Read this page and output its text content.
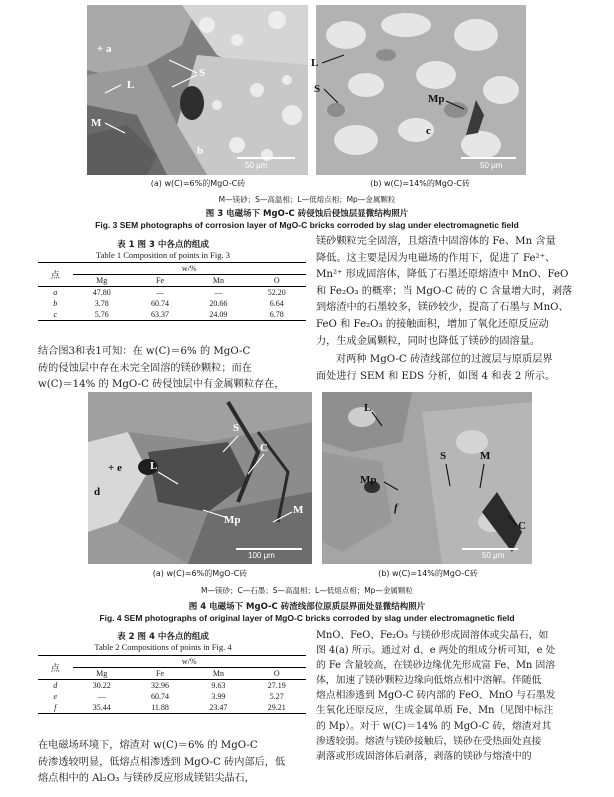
+ a
S
L
M
b
50 μm
L
S
Mp
c
50 μm
(a) w(C)=6%的MgO-C砖	(b) w(C)=14%的MgO-C砖
M—镁砂；S—高温相；L—低熔点相；Mp—金属颗粒
图 3 电磁场下 MgO-C 砖侵蚀后侵蚀层显微结构照片
Fig. 3 SEM photographs of corrosion layer of MgO-C bricks corroded by slag under electromagnetic field
表 1 图 3 中各点的组成
Table 1 Composition of points in Fig. 3
点	w/%			
	Mg	Fe	Mn	O
a	47.80	—	—	52.20
b	3.78	60.74	20.66	6.64
c	5.76	63.37	24.09	6.78
结合图3和表1可知：在 w(C)＝6% 的 MgO-C
砖的侵蚀层中存在未完全固溶的镁砂颗粒；而在
w(C)＝14% 的 MgO-C 砖侵蚀层中有金属颗粒存在，
镁砂颗粒完全固溶，且熔渣中固溶体的 Fe、Mn 含量
降低。这主要是因为电磁场的作用下，促进了 Fe²⁺、
Mn²⁺ 形成固溶体，降低了石墨还原熔渣中 MnO、FeO
和 Fe₂O₃ 的概率；当 MgO-C 砖的 C 含量增大时，剥落
到熔渣中的石墨较多，镁砂较少，提高了石墨与 MnO、
FeO 和 Fe₂O₃ 的接触面积，增加了氧化还原反应动
力，生成金属颗粒，同时也降低了镁砂的固溶量。
对两种 MgO-C 砖渣线部位的过渡层与原质层界
面处进行 SEM 和 EDS 分析，如图 4 和表 2 所示。
S
C
+ e
d
L
Mp
M
100 μm
L
S	M
Mp
f
C
50 μm
(a) w(C)=6%的MgO-C砖	(b) w(C)=14%的MgO-C砖
M—镁砂；C—石墨；S—高温相；L—低熔点相；Mp—金属颗粒
图 4 电磁场下 MgO-C 砖渣线部位原质层界面处显微结构照片
Fig. 4 SEM photographs of original layer of MgO-C bricks corroded by slag under electromagnetic field
表 2 图 4 中各点的组成
Table 2 Compositions of points in Fig. 4
点	w/%			
	Mg	Fe	Mn	O
d	30.22	32.96	9.63	27.19
e	—	60.74	3.99	5.27
f	35.44	11.88	23.47	29.21
在电磁场环境下，熔渣对 w(C)＝6% 的 MgO-C
砖渗透较明显，低熔点相渗透到 MgO-C 砖内部后，低
熔点相中的 Al₂O₃ 与镁砂反应形成镁铝尖晶石，
MnO、FeO、Fe₂O₃ 与镁砂形成固溶体或尖晶石，如
图 4(a) 所示。通过对 d、e 两处的组成分析可知，e 处
的 Fe 含量较高，在镁砂边缘优先形成富 Fe、Mn 固溶
体，加速了镁砂颗粒边缘向低熔点相中溶解。伴随低
熔点相渗透到 MgO-C 砖内部的 FeO、MnO 与石墨发
生氧化还原反应，生成金属单质 Fe、Mn（见图中标注
的 Mp）。对于 w(C)＝14% 的 MgO-C 砖，熔渣对其
渗透较弱。熔渣与镁砂接触后，镁砂在受热面处直接
剥落或形成固溶体后剥落，剥落的镁砂与熔渣中的
